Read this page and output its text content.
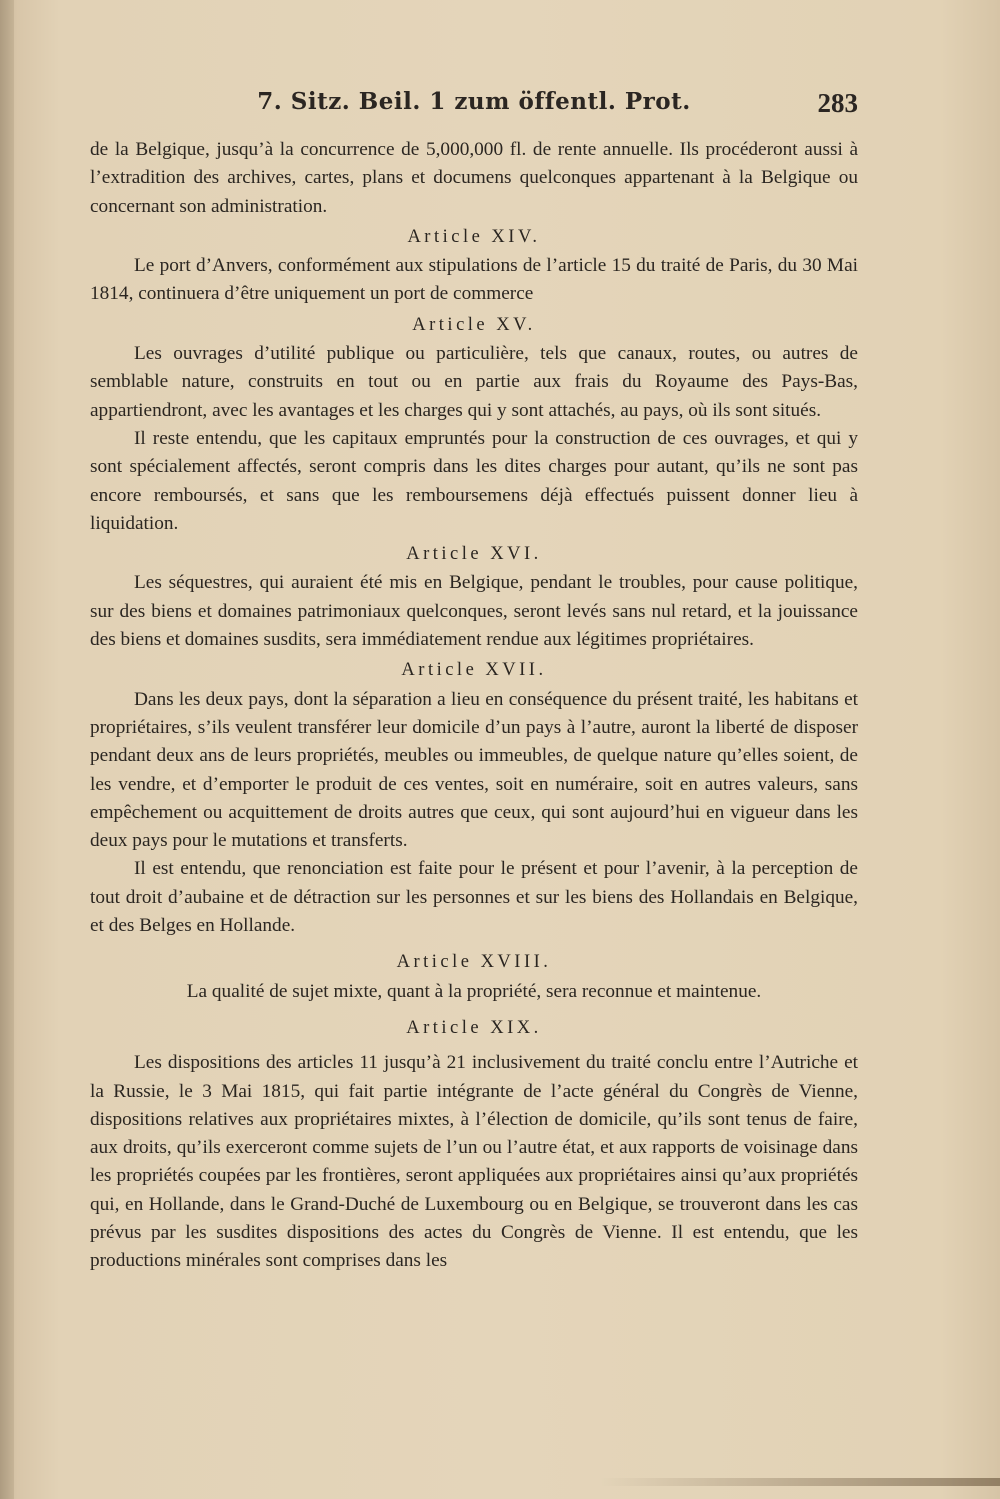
7. Sitz. Beil. 1 zum öffentl. Prot.	283

de la Belgique, jusqu’à la concurrence de 5,000,000 fl. de rente annuelle. Ils procéderont aussi à l’extradition des archives, cartes, plans et documens quelconques appartenant à la Belgique ou concernant son administration.

Article XIV.

Le port d’Anvers, conformément aux stipulations de l’article 15 du traité de Paris, du 30 Mai 1814, continuera d’être uniquement un port de commerce

Article XV.

Les ouvrages d’utilité publique ou particulière, tels que canaux, routes, ou autres de semblable nature, construits en tout ou en partie aux frais du Royaume des Pays-Bas, appartiendront, avec les avantages et les charges qui y sont attachés, au pays, où ils sont situés.

Il reste entendu, que les capitaux empruntés pour la construction de ces ouvrages, et qui y sont spécialement affectés, seront compris dans les dites charges pour autant, qu’ils ne sont pas encore remboursés, et sans que les remboursemens déjà effectués puissent donner lieu à liquidation.

Article XVI.

Les séquestres, qui auraient été mis en Belgique, pendant le troubles, pour cause politique, sur des biens et domaines patrimoniaux quelconques, seront levés sans nul retard, et la jouissance des biens et domaines susdits, sera immédiatement rendue aux légitimes propriétaires.

Article XVII.

Dans les deux pays, dont la séparation a lieu en conséquence du présent traité, les habitans et propriétaires, s’ils veulent transférer leur domicile d’un pays à l’autre, auront la liberté de disposer pendant deux ans de leurs propriétés, meubles ou immeubles, de quelque nature qu’elles soient, de les vendre, et d’emporter le produit de ces ventes, soit en numéraire, soit en autres valeurs, sans empêchement ou acquittement de droits autres que ceux, qui sont aujourd’hui en vigueur dans les deux pays pour le mutations et transferts.

Il est entendu, que renonciation est faite pour le présent et pour l’avenir, à la perception de tout droit d’aubaine et de détraction sur les personnes et sur les biens des Hollandais en Belgique, et des Belges en Hollande.

Article XVIII.

La qualité de sujet mixte, quant à la propriété, sera reconnue et maintenue.

Article XIX.

Les dispositions des articles 11 jusqu’à 21 inclusivement du traité conclu entre l’Autriche et la Russie, le 3 Mai 1815, qui fait partie intégrante de l’acte général du Congrès de Vienne, dispositions relatives aux propriétaires mixtes, à l’élection de domicile, qu’ils sont tenus de faire, aux droits, qu’ils exerceront comme sujets de l’un ou l’autre état, et aux rapports de voisinage dans les propriétés coupées par les frontières, seront appliquées aux propriétaires ainsi qu’aux propriétés qui, en Hollande, dans le Grand-Duché de Luxembourg ou en Belgique, se trouveront dans les cas prévus par les susdites dispositions des actes du Congrès de Vienne. Il est entendu, que les productions minérales sont comprises dans les
